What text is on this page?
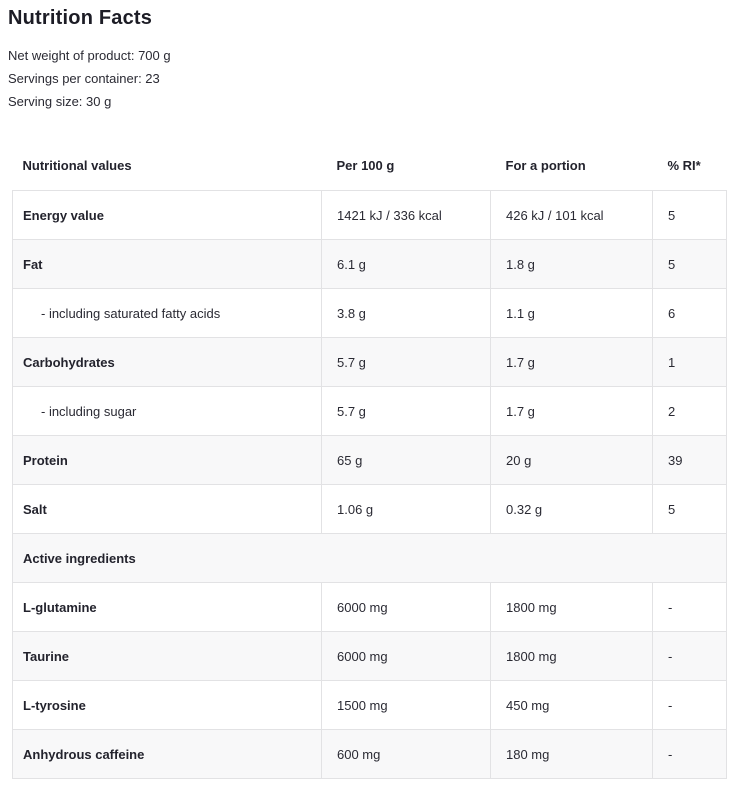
Nutrition Facts
Net weight of product: 700 g
Servings per container: 23
Serving size: 30 g
Nutritional values	Per 100 g	For a portion	% RI*
Energy value	1421 kJ / 336 kcal	426 kJ / 101 kcal	5
Fat	6.1 g	1.8 g	5
- including saturated fatty acids	3.8 g	1.1 g	6
Carbohydrates	5.7 g	1.7 g	1
- including sugar	5.7 g	1.7 g	2
Protein	65 g	20 g	39
Salt	1.06 g	0.32 g	5
Active ingredients			
L-glutamine	6000 mg	1800 mg	-
Taurine	6000 mg	1800 mg	-
L-tyrosine	1500 mg	450 mg	-
Anhydrous caffeine	600 mg	180 mg	-
